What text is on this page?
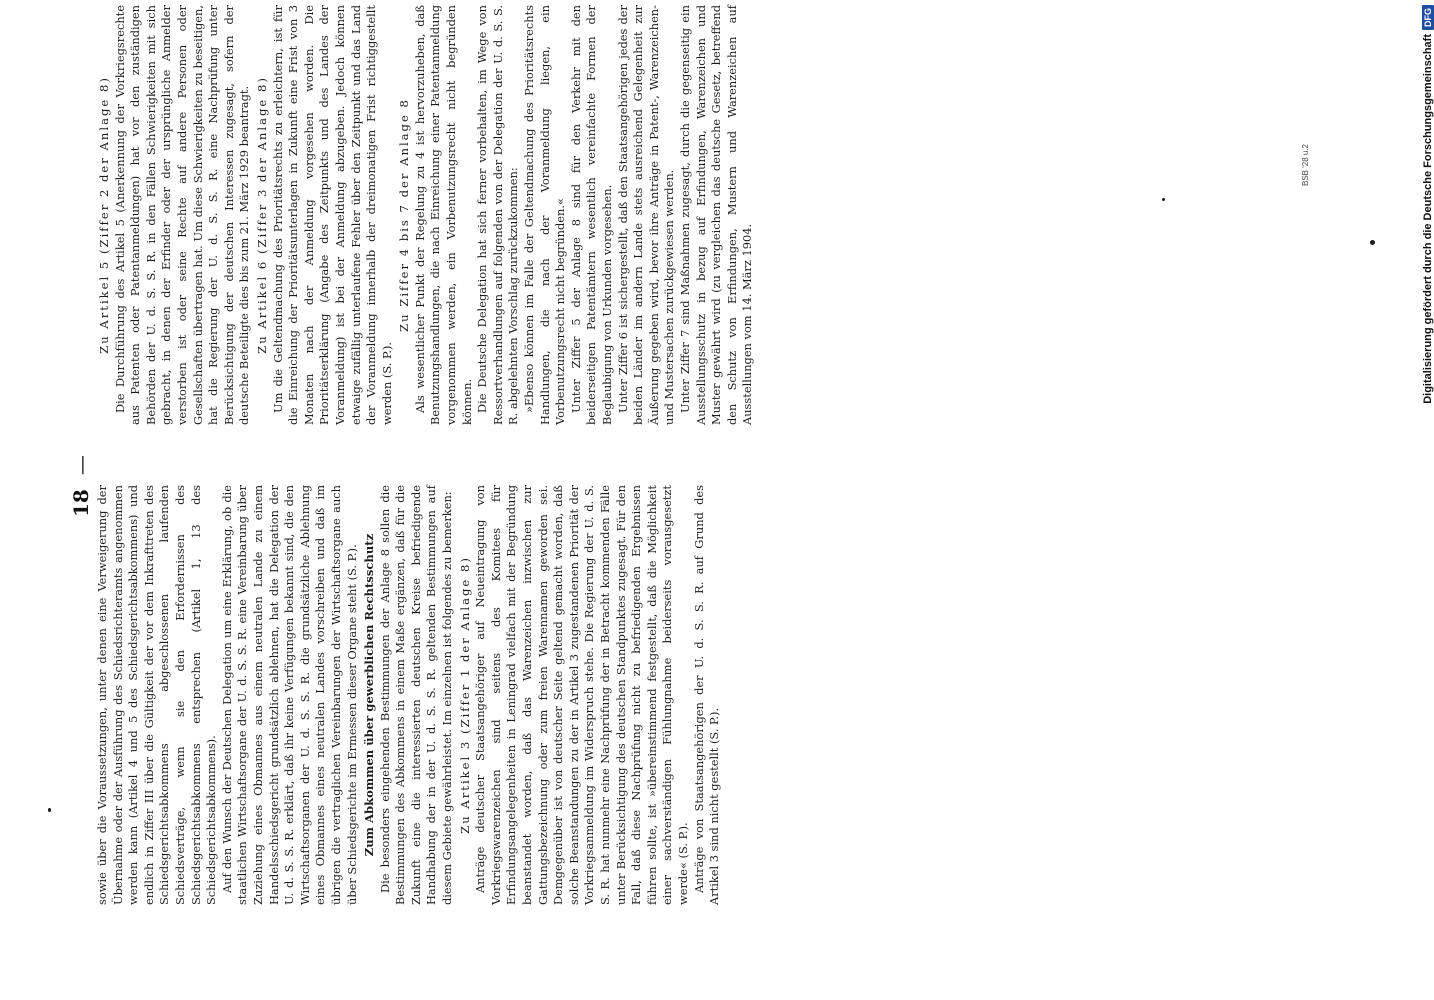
18—

sowie über die Voraussetzungen, unter denen eine Verweigerung der Übernahme oder der Ausführung des Schiedsrichteramts angenommen werden kann (Artikel 4 und 5 des Schiedsgerichtsabkommens) und endlich in Ziffer III über die Gültigkeit der vor dem Inkrafttreten des Schiedsgerichtsabkommens abgeschlossenen laufenden Schiedsverträge, wenn sie den Erfordernissen des Schiedsgerichtsabkommens entsprechen (Artikel 1, 13 des Schiedsgerichtsabkommens). Auf den Wunsch der Deutschen Delegation um eine Erklärung, ob die staatlichen Wirtschaftsorgane der U. d. S. S. R. eine Vereinbarung über Zuziehung eines Obmannes aus einem neutralen Lande zu einem Handelsschiedsgericht grundsätzlich ablehnen, hat die Delegation der U. d. S. S. R. erklärt, daß ihr keine Verfügungen bekannt sind, die den Wirtschaftsorganen der U. d. S. S. R. die grundsätzliche Ablehnung eines Obmannes eines neutralen Landes vorschreiben und daß im übrigen die vertraglichen Vereinbarungen der Wirtschaftsorgane auch über Schiedsgerichte im Ermessen dieser Organe steht (S. P.). Zum Abkommen über gewerblichen Rechtsschutz Die besonders eingehenden Bestimmungen der Anlage 8 sollen die Bestimmungen des Abkommens in einem Maße ergänzen, daß für die Zukunft eine die interessierten deutschen Kreise befriedigende Handhabung der in der U. d. S. S. R. geltenden Bestimmungen auf diesem Gebiete gewährleistet. Im einzelnen ist folgendes zu bemerken: Zu Artikel 3 (Ziffer 1 der Anlage 8) Anträge deutscher Staatsangehöriger auf Neueintragung von Vorkriegswarenzeichen sind seitens des Komitees für Erfindungsangelegenheiten in Leningrad vielfach mit der Begründung beanstandet worden, daß das Warenzeichen inzwischen zur Gattungsbezeichnung oder zum freien Warennamen geworden sei. Demgegenüber ist von deutscher Seite geltend gemacht worden, daß solche Beanstandungen zu der in Artikel 3 zugestandenen Priorität der Vorkriegsanmeldung im Widerspruch stehe. Die Regierung der U. d. S. S. R. hat nunmehr eine Nachprüfung der in Betracht kommenden Fälle unter Berücksichtigung des deutschen Standpunktes zugesagt. Für den Fall, daß diese Nachprüfung nicht zu befriedigenden Ergebnissen führen sollte, ist »übereinstimmend festgestellt, daß die Möglichkeit einer sachverständigen Fühlungnahme beiderseits vorausgesetzt werde« (S. P.). Anträge von Staatsangehörigen der U. d. S. S. R. auf Grund des Artikel 3 sind nicht gestellt (S. P.).

Zu Artikel 5 (Ziffer 2 der Anlage 8) Die Durchführung des Artikel 5 (Anerkennung der Vorkriegsrechte aus Patenten oder Patentanmeldungen) hat vor den zuständigen Behörden der U. d. S. S. R. in den Fällen Schwierigkeiten mit sich gebracht, in denen der Erfinder oder der ursprüngliche Anmelder verstorben ist oder seine Rechte auf andere Personen oder Gesellschaften übertragen hat. Um diese Schwierigkeiten zu beseitigen, hat die Regierung der U. d. S. S. R. eine Nachprüfung unter Berücksichtigung der deutschen Interessen zugesagt, sofern der deutsche Beteiligte dies bis zum 21. März 1929 beantragt. Zu Artikel 6 (Ziffer 3 der Anlage 8) Um die Geltendmachung des Prioritätsrechts zu erleichtern, ist für die Einreichung der Prioritätsunterlagen in Zukunft eine Frist von 3 Monaten nach der Anmeldung vorgesehen worden. Die Prioritätserklärung (Angabe des Zeitpunkts und des Landes der Voranmeldung) ist bei der Anmeldung abzugeben. Jedoch können etwaige zufällig unterlaufene Fehler über den Zeitpunkt und das Land der Voranmeldung innerhalb der dreimonatigen Frist richtiggestellt werden (S. P.).

Zu Ziffer 4 bis 7 der Anlage 8 Als wesentlicher Punkt der Regelung zu 4 ist hervorzuheben, daß Benutzungshandlungen, die nach Einreichung einer Patentanmeldung vorgenommen werden, ein Vorbenutzungsrecht nicht begründen können. Die Deutsche Delegation hat sich ferner vorbehalten, im Wege von Ressortverhandlungen auf folgenden von der Delegation der U. d. S. S. R. abgelehnten Vorschlag zurückzukommen: »Ebenso können im Falle der Geltendmachung des Prioritätsrechts Handlungen, die nach der Voranmeldung liegen, ein Vorbenutzungsrecht nicht begründen.« Unter Ziffer 5 der Anlage 8 sind für den Verkehr mit den beiderseitigen Patentämtern wesentlich vereinfachte Formen der Beglaubigung von Urkunden vorgesehen. Unter Ziffer 6 ist sichergestellt, daß den Staatsangehörigen jedes der beiden Länder im andern Lande stets ausreichend Gelegenheit zur Äußerung gegeben wird, bevor ihre Anträge in Patent-, Warenzeichen- und Mustersachen zurückgewiesen werden. Unter Ziffer 7 sind Maßnahmen zugesagt, durch die gegenseitig ein Ausstellungsschutz in bezug auf Erfindungen, Warenzeichen und Muster gewährt wird (zu vergleichen das deutsche Gesetz, betreffend den Schutz von Erfindungen, Mustern und Warenzeichen auf Ausstellungen vom 14. März 1904.

BSB '28 u.2	Digitalisierung gefördert durch die Deutsche Forschungsgemeinschaft
DFG
